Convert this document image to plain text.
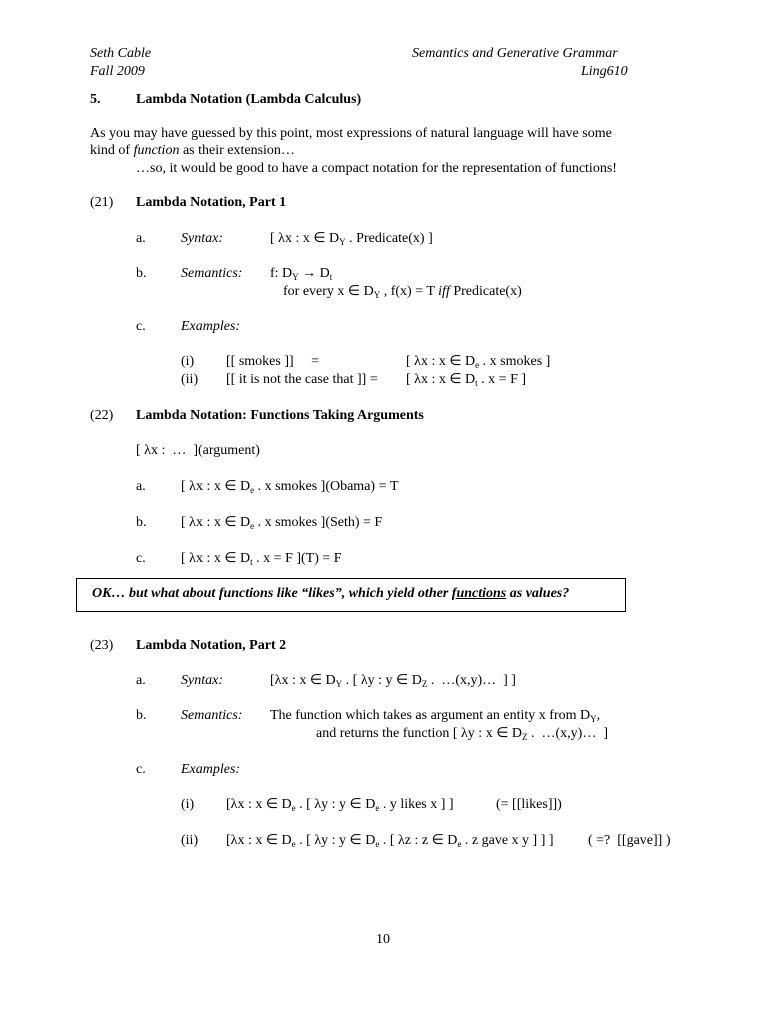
Seth Cable
Fall 2009
Semantics and Generative Grammar
Ling610
5.	Lambda Notation (Lambda Calculus)
As you may have guessed by this point, most expressions of natural language will have some
kind of function as their extension…
…so, it would be good to have a compact notation for the representation of functions!
(21) Lambda Notation, Part 1
a.	Syntax:	[ λx : x ∈ $D_Y$ . Predicate(x) ]
b. Semantics: f: $D_Y \to D_t$
for every x ∈ $D_Y$ , f(x) = T iff Predicate(x)
c.	Examples:
(i) [[ smokes ]]     =	[ λx : x ∈ $D_e$ . x smokes ]
(ii) [[ it is not the case that ]] = [ λx : x ∈ $D_t$ . x = F ]
(22) Lambda Notation: Functions Taking Arguments
[ λx :  …  ](argument)
a.	[ λx : x ∈ $D_e$ . x smokes ](Obama) = T
b. [ λx : x ∈ $D_e$ . x smokes ](Seth) = F
c.	[ λx : x ∈ $D_t$ . x = F ](T) = F
OK… but what about functions like “likes”, which yield other functions as values?
(23) Lambda Notation, Part 2
a.	Syntax:	[λx : x ∈ $D_Y$ . [ λy : y ∈ $D_Z$ .  …(x,y)…  ] ]
b. Semantics: The function which takes as argument an entity x from $D_Y$,
and returns the function [ λy : x ∈ $D_Z$ .  …(x,y)…  ]
c.	Examples:
(i) [λx : x ∈ $D_e$ . [ λy : y ∈ $D_e$ . y likes x ] ]	(= [[likes]])
(ii) [λx : x ∈ $D_e$ . [ λy : y ∈ $D_e$ . [ λz : z ∈ $D_e$ . z gave x y ] ] ] ( =?  [[gave]] )
10
